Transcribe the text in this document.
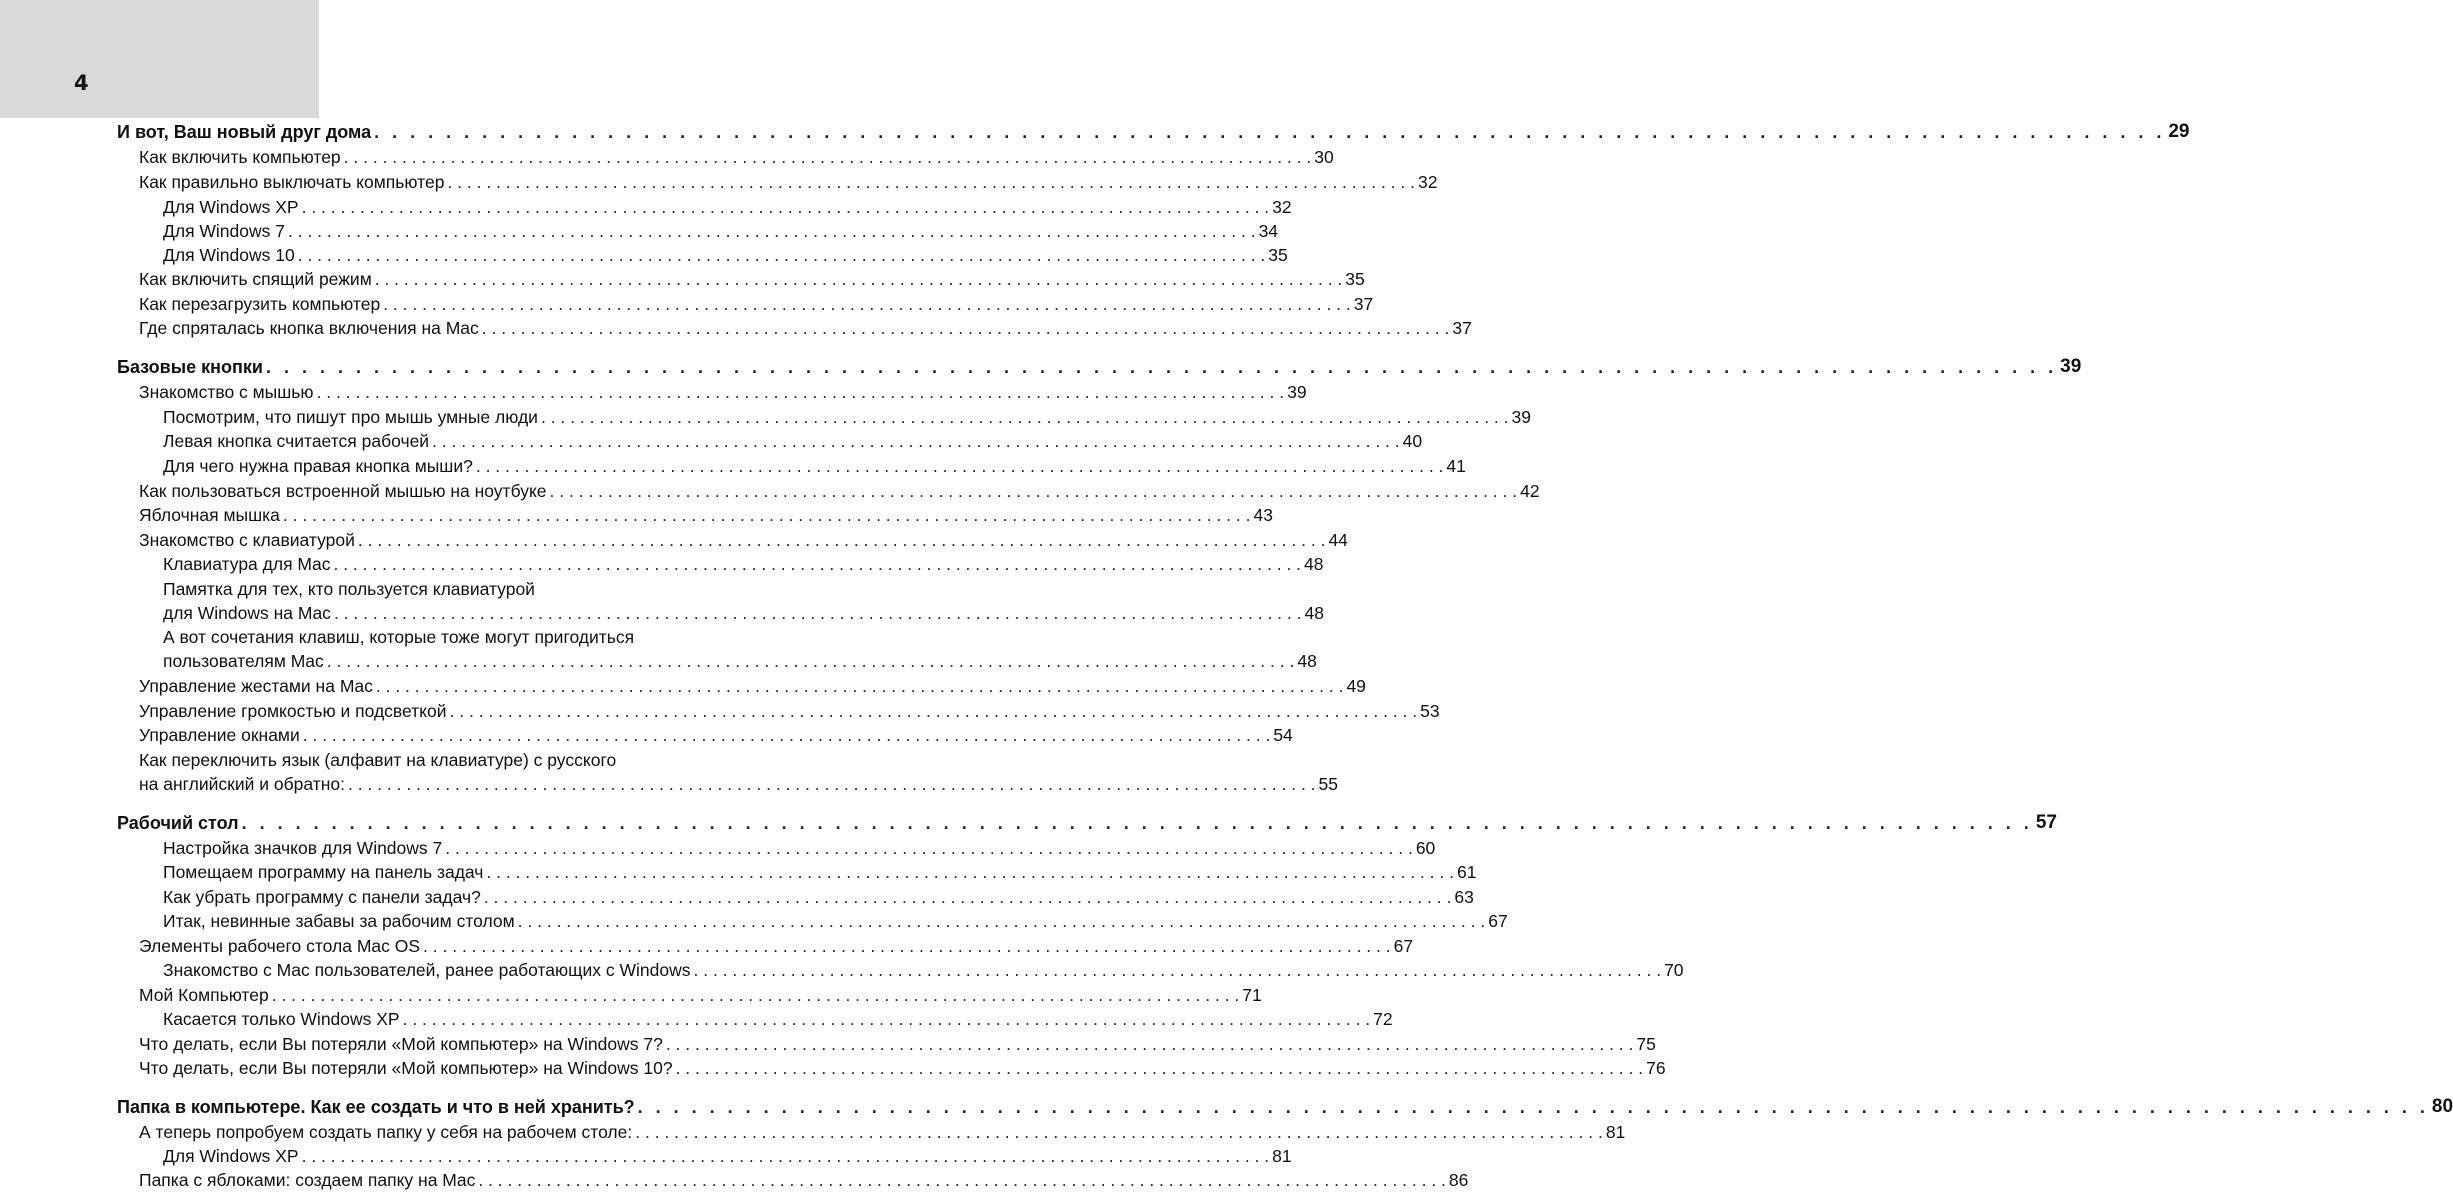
4
И вот, Ваш новый друг дома . . . . . . . . . . . . . . . . . . . . . . . . . . . . . . . . . . . . . . . . . . . . . . . . . . . . . . . . . . . . . . . . . . . . . . . . . . . . . . . . . . . . . . . . . . . . . . . . . . . . 29
Как включить компьютер . . . . . . . . . . . . . . . . . . . . . . . . . . . . . . . . . . . . . . . . . . . . . . . . . . . . . . . . . . . . . . . . . . . . . . . . . . . . . . . . . . . . . . . . . . . . . . . . . . . . 30
Как правильно выключать компьютер . . . . . . . . . . . . . . . . . . . . . . . . . . . . . . . . . . . . . . . . . . . . . . . . . . . . . . . . . . . . . . . . . . . . . . . . . . . . . . . . . . . . . . . . . . . . . . . . . . . . 32
Для Windows XP . . . . . . . . . . . . . . . . . . . . . . . . . . . . . . . . . . . . . . . . . . . . . . . . . . . . . . . . . . . . . . . . . . . . . . . . . . . . . . . . . . . . . . . . . . . . . . . . . . . . 32
Для Windows 7 . . . . . . . . . . . . . . . . . . . . . . . . . . . . . . . . . . . . . . . . . . . . . . . . . . . . . . . . . . . . . . . . . . . . . . . . . . . . . . . . . . . . . . . . . . . . . . . . . . . . 34
Для Windows 10 . . . . . . . . . . . . . . . . . . . . . . . . . . . . . . . . . . . . . . . . . . . . . . . . . . . . . . . . . . . . . . . . . . . . . . . . . . . . . . . . . . . . . . . . . . . . . . . . . . . . 35
Как включить спящий режим . . . . . . . . . . . . . . . . . . . . . . . . . . . . . . . . . . . . . . . . . . . . . . . . . . . . . . . . . . . . . . . . . . . . . . . . . . . . . . . . . . . . . . . . . . . . . . . . . . . . 35
Как перезагрузить компьютер . . . . . . . . . . . . . . . . . . . . . . . . . . . . . . . . . . . . . . . . . . . . . . . . . . . . . . . . . . . . . . . . . . . . . . . . . . . . . . . . . . . . . . . . . . . . . . . . . . . . 37
Где спряталась кнопка включения на Mac . . . . . . . . . . . . . . . . . . . . . . . . . . . . . . . . . . . . . . . . . . . . . . . . . . . . . . . . . . . . . . . . . . . . . . . . . . . . . . . . . . . . . . . . . . . . . . . . . . . . 37
Базовые кнопки . . . . . . . . . . . . . . . . . . . . . . . . . . . . . . . . . . . . . . . . . . . . . . . . . . . . . . . . . . . . . . . . . . . . . . . . . . . . . . . . . . . . . . . . . . . . . . . . . . . . 39
Знакомство с мышью . . . . . . . . . . . . . . . . . . . . . . . . . . . . . . . . . . . . . . . . . . . . . . . . . . . . . . . . . . . . . . . . . . . . . . . . . . . . . . . . . . . . . . . . . . . . . . . . . . . . 39
Посмотрим, что пишут про мышь умные люди . . . . . . . . . . . . . . . . . . . . . . . . . . . . . . . . . . . . . . . . . . . . . . . . . . . . . . . . . . . . . . . . . . . . . . . . . . . . . . . . . . . . . . . . . . . . . . . . . . . . 39
Левая кнопка считается рабочей . . . . . . . . . . . . . . . . . . . . . . . . . . . . . . . . . . . . . . . . . . . . . . . . . . . . . . . . . . . . . . . . . . . . . . . . . . . . . . . . . . . . . . . . . . . . . . . . . . . . 40
Для чего нужна правая кнопка мыши? . . . . . . . . . . . . . . . . . . . . . . . . . . . . . . . . . . . . . . . . . . . . . . . . . . . . . . . . . . . . . . . . . . . . . . . . . . . . . . . . . . . . . . . . . . . . . . . . . . . . 41
Как пользоваться встроенной мышью на ноутбуке . . . . . . . . . . . . . . . . . . . . . . . . . . . . . . . . . . . . . . . . . . . . . . . . . . . . . . . . . . . . . . . . . . . . . . . . . . . . . . . . . . . . . . . . . . . . . . . . . . . . 42
Яблочная мышка . . . . . . . . . . . . . . . . . . . . . . . . . . . . . . . . . . . . . . . . . . . . . . . . . . . . . . . . . . . . . . . . . . . . . . . . . . . . . . . . . . . . . . . . . . . . . . . . . . . . 43
Знакомство с клавиатурой . . . . . . . . . . . . . . . . . . . . . . . . . . . . . . . . . . . . . . . . . . . . . . . . . . . . . . . . . . . . . . . . . . . . . . . . . . . . . . . . . . . . . . . . . . . . . . . . . . . . 44
Клавиатура для Mac . . . . . . . . . . . . . . . . . . . . . . . . . . . . . . . . . . . . . . . . . . . . . . . . . . . . . . . . . . . . . . . . . . . . . . . . . . . . . . . . . . . . . . . . . . . . . . . . . . . . 48
Памятка для тех, кто пользуется клавиатурой
для Windows на Mac . . . . . . . . . . . . . . . . . . . . . . . . . . . . . . . . . . . . . . . . . . . . . . . . . . . . . . . . . . . . . . . . . . . . . . . . . . . . . . . . . . . . . . . . . . . . . . . . . . . . 48
А вот сочетания клавиш, которые тоже могут пригодиться
пользователям Mac . . . . . . . . . . . . . . . . . . . . . . . . . . . . . . . . . . . . . . . . . . . . . . . . . . . . . . . . . . . . . . . . . . . . . . . . . . . . . . . . . . . . . . . . . . . . . . . . . . . . 48
Управление жестами на Mac . . . . . . . . . . . . . . . . . . . . . . . . . . . . . . . . . . . . . . . . . . . . . . . . . . . . . . . . . . . . . . . . . . . . . . . . . . . . . . . . . . . . . . . . . . . . . . . . . . . . 49
Управление громкостью и подсветкой . . . . . . . . . . . . . . . . . . . . . . . . . . . . . . . . . . . . . . . . . . . . . . . . . . . . . . . . . . . . . . . . . . . . . . . . . . . . . . . . . . . . . . . . . . . . . . . . . . . . 53
Управление окнами . . . . . . . . . . . . . . . . . . . . . . . . . . . . . . . . . . . . . . . . . . . . . . . . . . . . . . . . . . . . . . . . . . . . . . . . . . . . . . . . . . . . . . . . . . . . . . . . . . . . 54
Как переключить язык (алфавит на клавиатуре) с русского
на английский и обратно: . . . . . . . . . . . . . . . . . . . . . . . . . . . . . . . . . . . . . . . . . . . . . . . . . . . . . . . . . . . . . . . . . . . . . . . . . . . . . . . . . . . . . . . . . . . . . . . . . . . . 55
Рабочий стол . . . . . . . . . . . . . . . . . . . . . . . . . . . . . . . . . . . . . . . . . . . . . . . . . . . . . . . . . . . . . . . . . . . . . . . . . . . . . . . . . . . . . . . . . . . . . . . . . . . . 57
Настройка значков для Windows 7 . . . . . . . . . . . . . . . . . . . . . . . . . . . . . . . . . . . . . . . . . . . . . . . . . . . . . . . . . . . . . . . . . . . . . . . . . . . . . . . . . . . . . . . . . . . . . . . . . . . . 60
Помещаем программу на панель задач . . . . . . . . . . . . . . . . . . . . . . . . . . . . . . . . . . . . . . . . . . . . . . . . . . . . . . . . . . . . . . . . . . . . . . . . . . . . . . . . . . . . . . . . . . . . . . . . . . . . 61
Как убрать программу с панели задач? . . . . . . . . . . . . . . . . . . . . . . . . . . . . . . . . . . . . . . . . . . . . . . . . . . . . . . . . . . . . . . . . . . . . . . . . . . . . . . . . . . . . . . . . . . . . . . . . . . . . 63
Итак, невинные забавы за рабочим столом . . . . . . . . . . . . . . . . . . . . . . . . . . . . . . . . . . . . . . . . . . . . . . . . . . . . . . . . . . . . . . . . . . . . . . . . . . . . . . . . . . . . . . . . . . . . . . . . . . . . 67
Элементы рабочего стола Mac OS . . . . . . . . . . . . . . . . . . . . . . . . . . . . . . . . . . . . . . . . . . . . . . . . . . . . . . . . . . . . . . . . . . . . . . . . . . . . . . . . . . . . . . . . . . . . . . . . . . . . 67
Знакомство с Mac пользователей, ранее работающих с Windows . . . . . . . . . . . . . . . . . . . . . . . . . . . . . . . . . . . . . . . . . . . . . . . . . . . . . . . . . . . . . . . . . . . . . . . . . . . . . . . . . . . . . . . . . . . . . . . . . . . . 70
Мой Компьютер . . . . . . . . . . . . . . . . . . . . . . . . . . . . . . . . . . . . . . . . . . . . . . . . . . . . . . . . . . . . . . . . . . . . . . . . . . . . . . . . . . . . . . . . . . . . . . . . . . . . 71
Касается только Windows XP . . . . . . . . . . . . . . . . . . . . . . . . . . . . . . . . . . . . . . . . . . . . . . . . . . . . . . . . . . . . . . . . . . . . . . . . . . . . . . . . . . . . . . . . . . . . . . . . . . . . 72
Что делать, если Вы потеряли «Мой компьютер» на Windows 7? . . . . . . . . . . . . . . . . . . . . . . . . . . . . . . . . . . . . . . . . . . . . . . . . . . . . . . . . . . . . . . . . . . . . . . . . . . . . . . . . . . . . . . . . . . . . . . . . . . . . 75
Что делать, если Вы потеряли «Мой компьютер» на Windows 10? . . . . . . . . . . . . . . . . . . . . . . . . . . . . . . . . . . . . . . . . . . . . . . . . . . . . . . . . . . . . . . . . . . . . . . . . . . . . . . . . . . . . . . . . . . . . . . . . . . . . 76
Папка в компьютере. Как ее создать и что в ней хранить? . . . . . . . . . . . . . . . . . . . . . . . . . . . . . . . . . . . . . . . . . . . . . . . . . . . . . . . . . . . . . . . . . . . . . . . . . . . . . . . . . . . . . . . . . . . . . . . . . . . . 80
А теперь попробуем создать папку у себя на рабочем столе: . . . . . . . . . . . . . . . . . . . . . . . . . . . . . . . . . . . . . . . . . . . . . . . . . . . . . . . . . . . . . . . . . . . . . . . . . . . . . . . . . . . . . . . . . . . . . . . . . . . . 81
Для Windows XP . . . . . . . . . . . . . . . . . . . . . . . . . . . . . . . . . . . . . . . . . . . . . . . . . . . . . . . . . . . . . . . . . . . . . . . . . . . . . . . . . . . . . . . . . . . . . . . . . . . . 81
Папка с яблоками: создаем папку на Mac . . . . . . . . . . . . . . . . . . . . . . . . . . . . . . . . . . . . . . . . . . . . . . . . . . . . . . . . . . . . . . . . . . . . . . . . . . . . . . . . . . . . . . . . . . . . . . . . . . . . 86
